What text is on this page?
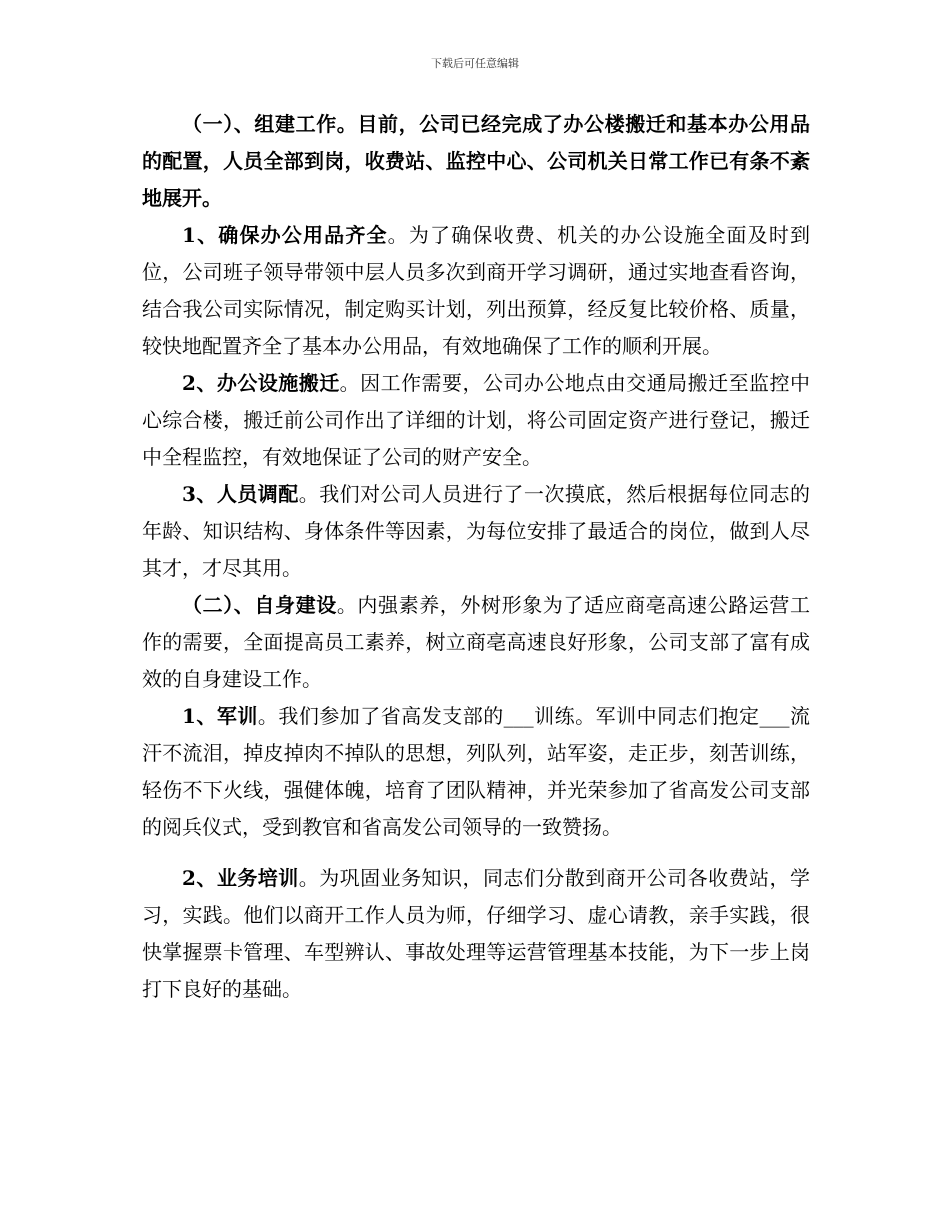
下载后可任意编辑

（一）、组建工作。目前，公司已经完成了办公楼搬迁和基本办公用品的配置，人员全部到岗，收费站、监控中心、公司机关日常工作已有条不紊地展开。

1、确保办公用品齐全。为了确保收费、机关的办公设施全面及时到位，公司班子领导带领中层人员多次到商开学习调研，通过实地查看咨询，结合我公司实际情况，制定购买计划，列出预算，经反复比较价格、质量，较快地配置齐全了基本办公用品，有效地确保了工作的顺利开展。

2、办公设施搬迁。因工作需要，公司办公地点由交通局搬迁至监控中心综合楼，搬迁前公司作出了详细的计划，将公司固定资产进行登记，搬迁中全程监控，有效地保证了公司的财产安全。

3、人员调配。我们对公司人员进行了一次摸底，然后根据每位同志的年龄、知识结构、身体条件等因素，为每位安排了最适合的岗位，做到人尽其才，才尽其用。

（二）、自身建设。内强素养，外树形象为了适应商亳高速公路运营工作的需要，全面提高员工素养，树立商亳高速良好形象，公司支部了富有成效的自身建设工作。

1、军训。我们参加了省高发支部的___训练。军训中同志们抱定___流汗不流泪，掉皮掉肉不掉队的思想，列队列，站军姿，走正步，刻苦训练，轻伤不下火线，强健体魄，培育了团队精神，并光荣参加了省高发公司支部的阅兵仪式，受到教官和省高发公司领导的一致赞扬。

2、业务培训。为巩固业务知识，同志们分散到商开公司各收费站，学习，实践。他们以商开工作人员为师，仔细学习、虚心请教，亲手实践，很快掌握票卡管理、车型辨认、事故处理等运营管理基本技能，为下一步上岗打下良好的基础。
